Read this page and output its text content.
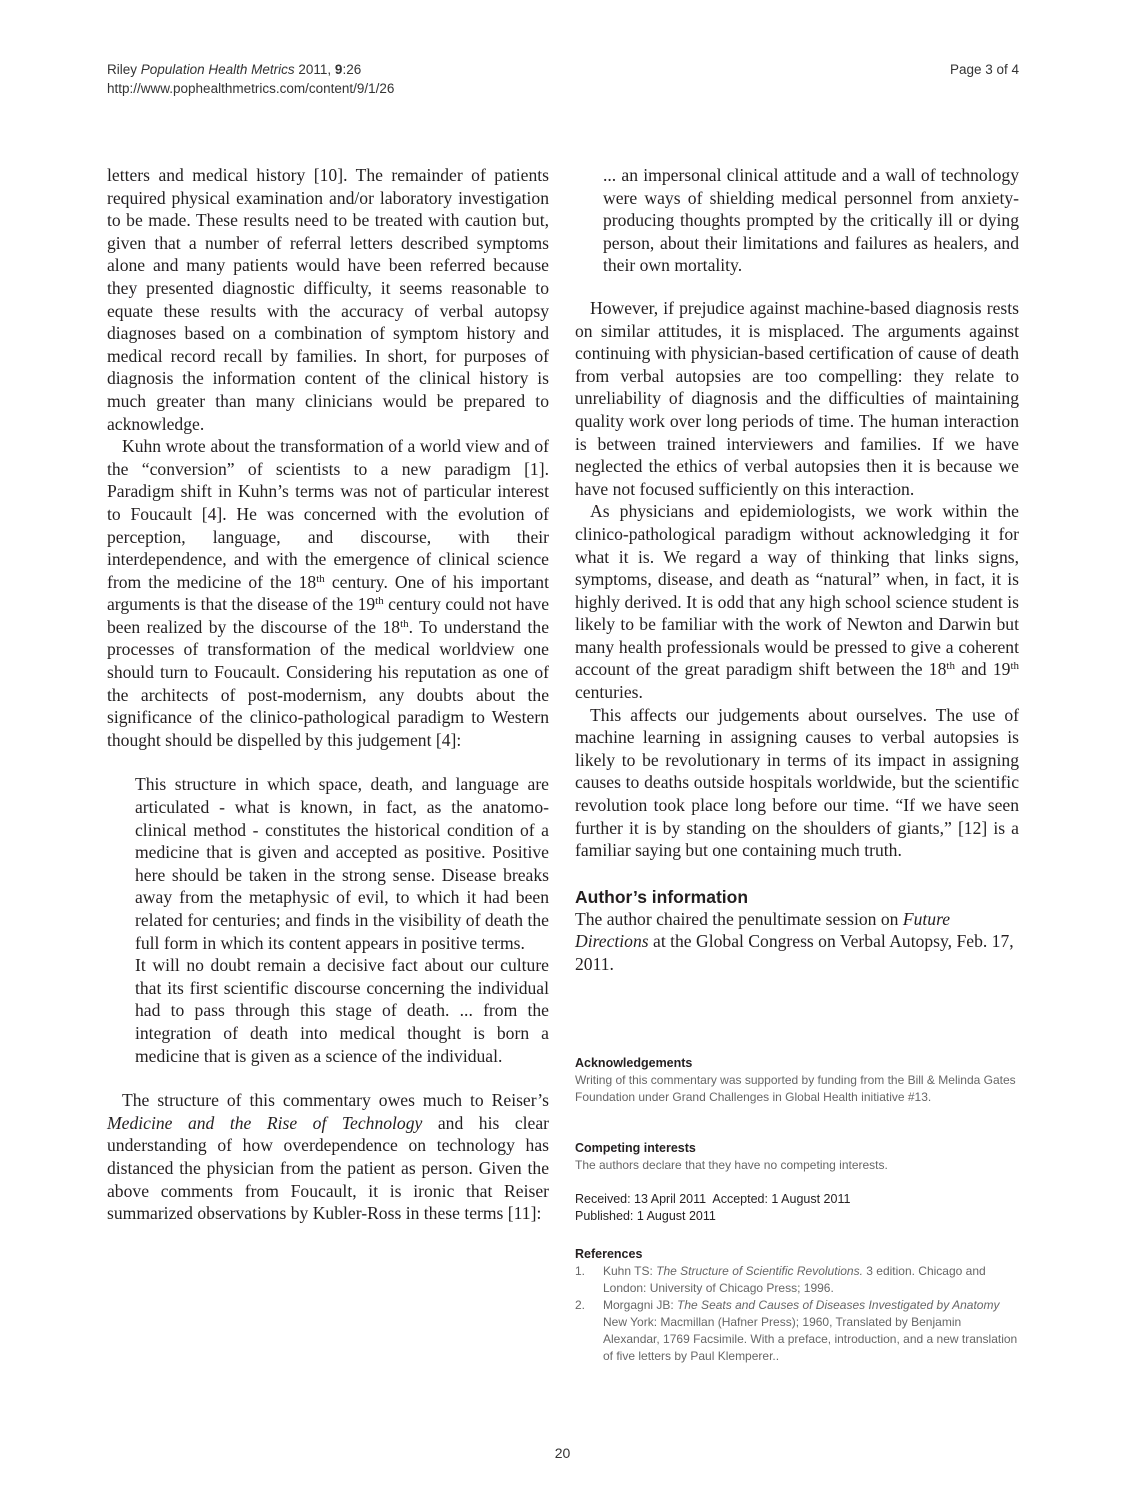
Riley Population Health Metrics 2011, 9:26
http://www.pophealthmetrics.com/content/9/1/26
Page 3 of 4

letters and medical history [10]. The remainder of patients required physical examination and/or laboratory investigation to be made. These results need to be treated with caution but, given that a number of referral letters described symptoms alone and many patients would have been referred because they presented diagnostic difficulty, it seems reasonable to equate these results with the accuracy of verbal autopsy diagnoses based on a combination of symptom history and medical record recall by families. In short, for purposes of diagnosis the information content of the clinical history is much greater than many clinicians would be prepared to acknowledge.

Kuhn wrote about the transformation of a world view and of the “conversion” of scientists to a new paradigm [1]. Paradigm shift in Kuhn’s terms was not of particular interest to Foucault [4]. He was concerned with the evolution of perception, language, and discourse, with their interdependence, and with the emergence of clinical science from the medicine of the 18th century. One of his important arguments is that the disease of the 19th century could not have been realized by the discourse of the 18th. To understand the processes of transformation of the medical worldview one should turn to Foucault. Considering his reputation as one of the architects of post-modernism, any doubts about the significance of the clinico-pathological paradigm to Western thought should be dispelled by this judgement [4]:

This structure in which space, death, and language are articulated - what is known, in fact, as the anatomo-clinical method - constitutes the historical condition of a medicine that is given and accepted as positive. Positive here should be taken in the strong sense. Disease breaks away from the metaphysic of evil, to which it had been related for centuries; and finds in the visibility of death the full form in which its content appears in positive terms.

It will no doubt remain a decisive fact about our culture that its first scientific discourse concerning the individual had to pass through this stage of death. ... from the integration of death into medical thought is born a medicine that is given as a science of the individual.

The structure of this commentary owes much to Reiser’s Medicine and the Rise of Technology and his clear understanding of how overdependence on technology has distanced the physician from the patient as person. Given the above comments from Foucault, it is ironic that Reiser summarized observations by Kubler-Ross in these terms [11]:

... an impersonal clinical attitude and a wall of technology were ways of shielding medical personnel from anxiety-producing thoughts prompted by the critically ill or dying person, about their limitations and failures as healers, and their own mortality.

However, if prejudice against machine-based diagnosis rests on similar attitudes, it is misplaced. The arguments against continuing with physician-based certification of cause of death from verbal autopsies are too compelling: they relate to unreliability of diagnosis and the difficulties of maintaining quality work over long periods of time. The human interaction is between trained interviewers and families. If we have neglected the ethics of verbal autopsies then it is because we have not focused sufficiently on this interaction.

As physicians and epidemiologists, we work within the clinico-pathological paradigm without acknowledging it for what it is. We regard a way of thinking that links signs, symptoms, disease, and death as “natural” when, in fact, it is highly derived. It is odd that any high school science student is likely to be familiar with the work of Newton and Darwin but many health professionals would be pressed to give a coherent account of the great paradigm shift between the 18th and 19th centuries.

This affects our judgements about ourselves. The use of machine learning in assigning causes to verbal autopsies is likely to be revolutionary in terms of its impact in assigning causes to deaths outside hospitals worldwide, but the scientific revolution took place long before our time. “If we have seen further it is by standing on the shoulders of giants,” [12] is a familiar saying but one containing much truth.

Author’s information

The author chaired the penultimate session on Future Directions at the Global Congress on Verbal Autopsy, Feb. 17, 2011.

Acknowledgements

Writing of this commentary was supported by funding from the Bill & Melinda Gates Foundation under Grand Challenges in Global Health initiative #13.

Competing interests

The authors declare that they have no competing interests.

Received: 13 April 2011  Accepted: 1 August 2011

Published: 1 August 2011

References

1. Kuhn TS: The Structure of Scientific Revolutions. 3 edition. Chicago and London: University of Chicago Press; 1996.
2. Morgagni JB: The Seats and Causes of Diseases Investigated by Anatomy New York: Macmillan (Hafner Press); 1960, Translated by Benjamin Alexandar, 1769 Facsimile. With a preface, introduction, and a new translation of five letters by Paul Klemperer..
20
